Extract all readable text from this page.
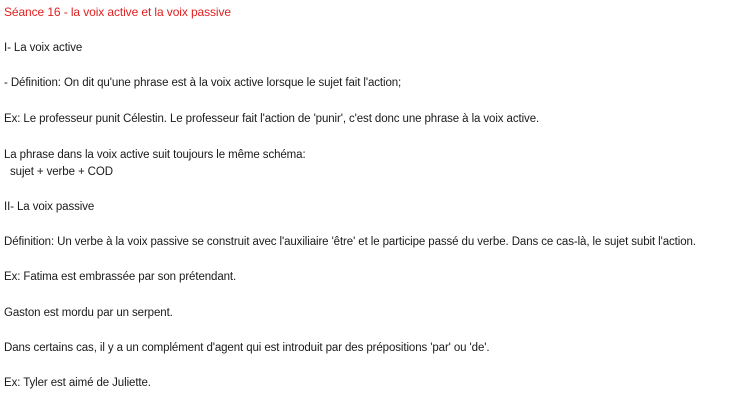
Séance 16 - la voix active et la voix passive
I- La voix active
- Définition: On dit qu'une phrase est à la voix active lorsque le sujet fait l'action;
Ex: Le professeur punit Célestin. Le professeur fait l'action de 'punir', c'est donc une phrase à la voix active.
La phrase dans la voix active suit toujours le même schéma:
sujet + verbe + COD
II- La voix passive
Définition: Un verbe à la voix passive se construit avec l'auxiliaire 'être' et le participe passé du verbe. Dans ce cas-là, le sujet subit l'action.
Ex: Fatima est embrassée par son prétendant.
Gaston est mordu par un serpent.
Dans certains cas, il y a un complément d'agent qui est introduit par des prépositions 'par' ou 'de'.
Ex: Tyler est aimé de Juliette.
